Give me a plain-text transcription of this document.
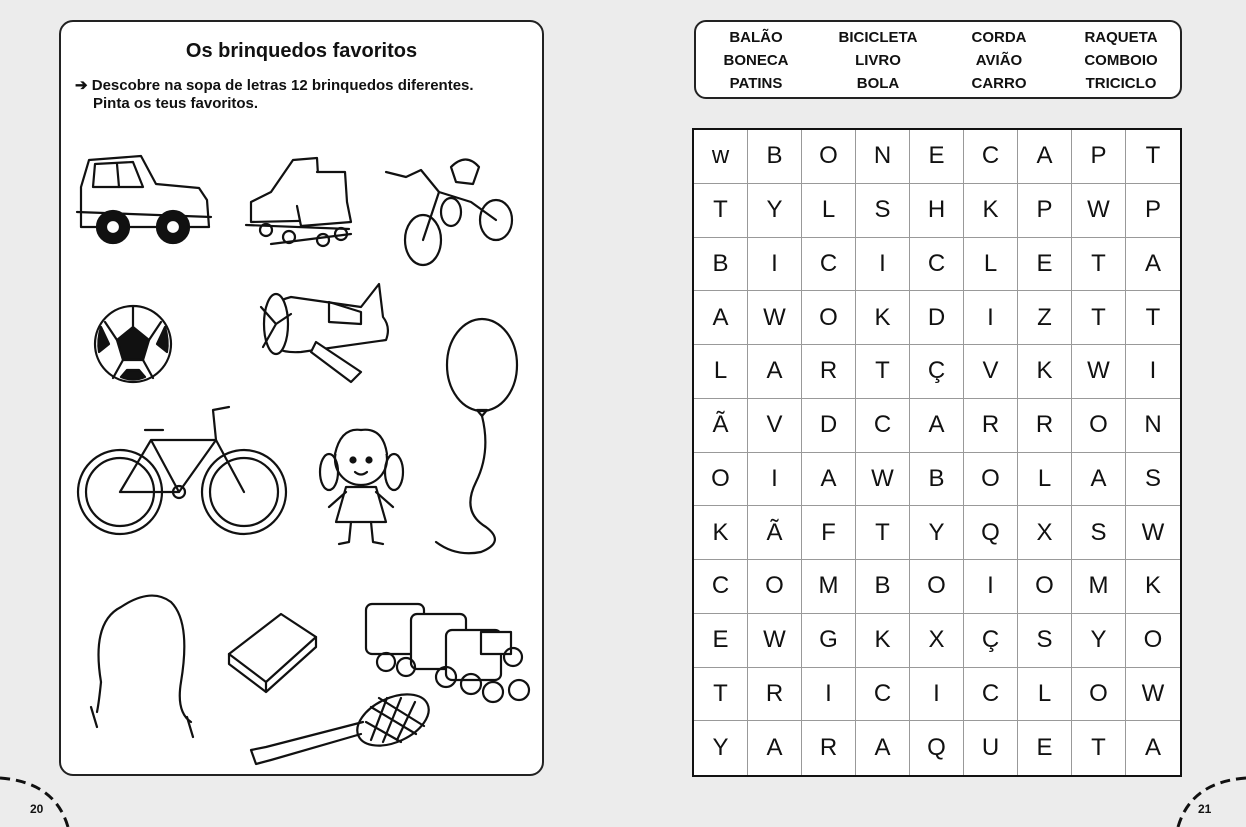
Os brinquedos favoritos
➔ Descobre na sopa de letras 12 brinquedos diferentes.
Pinta os teus favoritos.
BALÃO	BICICLETA	CORDA	RAQUETA
BONECA	LIVRO	AVIÃO	COMBOIO
PATINS	BOLA	CARRO	TRICICLO
w	B	O	N	E	C	A	P	T
T	Y	L	S	H	K	P	W	P
B	I	C	I	C	L	E	T	A
A	W	O	K	D	I	Z	T	T
L	A	R	T	Ç	V	K	W	I
Ã	V	D	C	A	R	R	O	N
O	I	A	W	B	O	L	A	S
K	Ã	F	T	Y	Q	X	S	W
C	O	M	B	O	I	O	M	K
E	W	G	K	X	Ç	S	Y	O
T	R	I	C	I	C	L	O	W
Y	A	R	A	Q	U	E	T	A
20	21
